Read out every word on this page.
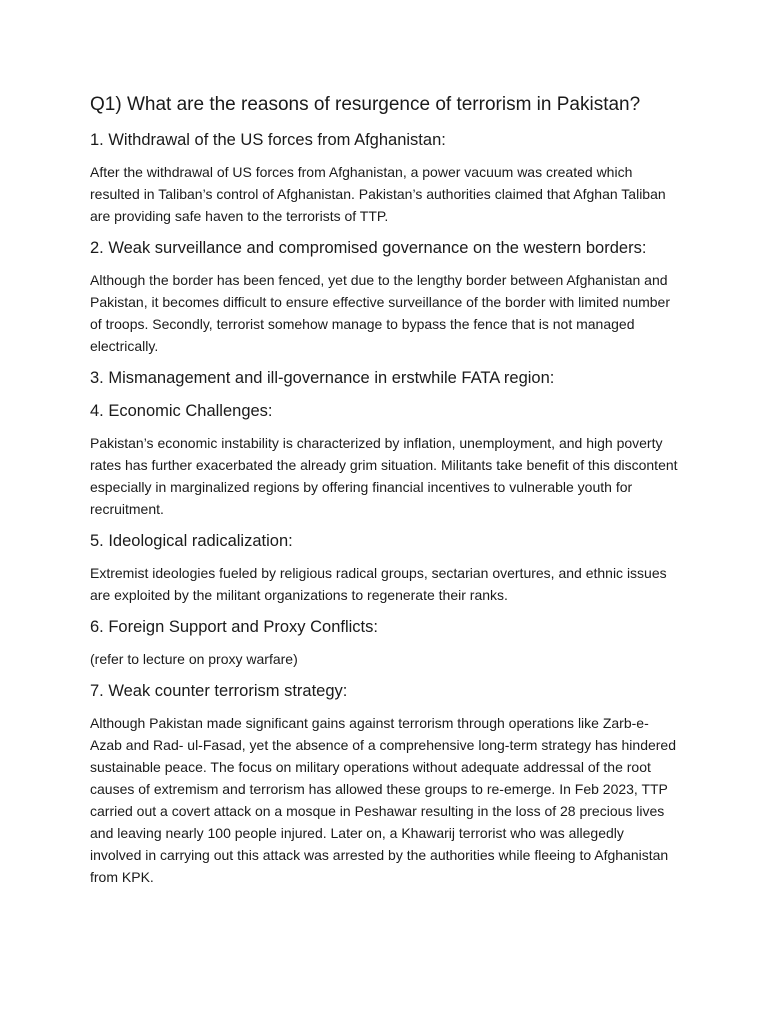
Q1) What are the reasons of resurgence of terrorism in Pakistan?
1. Withdrawal of the US forces from Afghanistan:

After the withdrawal of US forces from Afghanistan, a power vacuum was created which resulted in Taliban’s control of Afghanistan. Pakistan’s authorities claimed that Afghan Taliban are providing safe haven to the terrorists of TTP.

2. Weak surveillance and compromised governance on the western borders:

Although the border has been fenced, yet due to the lengthy border between Afghanistan and Pakistan, it becomes difficult to ensure effective surveillance of the border with limited number of troops. Secondly, terrorist somehow manage to bypass the fence that is not managed electrically.

3. Mismanagement and ill-governance in erstwhile FATA region:
4. Economic Challenges:

Pakistan’s economic instability is characterized by inflation, unemployment, and high poverty rates has further exacerbated the already grim situation. Militants take benefit of this discontent especially in marginalized regions by offering financial incentives to vulnerable youth for recruitment.

5. Ideological radicalization:

Extremist ideologies fueled by religious radical groups, sectarian overtures, and ethnic issues are exploited by the militant organizations to regenerate their ranks.

6. Foreign Support and Proxy Conflicts:

(refer to lecture on proxy warfare)

7. Weak counter terrorism strategy:

Although Pakistan made significant gains against terrorism through operations like Zarb-e-Azab and Rad- ul-Fasad, yet the absence of a comprehensive long-term strategy has hindered sustainable peace. The focus on military operations without adequate addressal of the root causes of extremism and terrorism has allowed these groups to re-emerge. In Feb 2023, TTP carried out a covert attack on a mosque in Peshawar resulting in the loss of 28 precious lives and leaving nearly 100 people injured. Later on, a Khawarij terrorist who was allegedly involved in carrying out this attack was arrested by the authorities while fleeing to Afghanistan from KPK.
